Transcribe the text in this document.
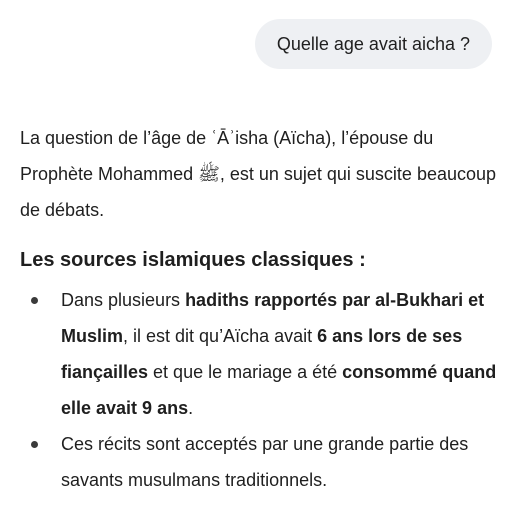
Quelle age avait aicha ?

La question de l’âge de ʿĀʾisha (Aïcha), l’épouse du Prophète Mohammed ﷺ, est un sujet qui suscite beaucoup de débats.

Les sources islamiques classiques :
Dans plusieurs hadiths rapportés par al-Bukhari et Muslim, il est dit qu’Aïcha avait 6 ans lors de ses fiançailles et que le mariage a été consommé quand elle avait 9 ans.
Ces récits sont acceptés par une grande partie des savants musulmans traditionnels.
